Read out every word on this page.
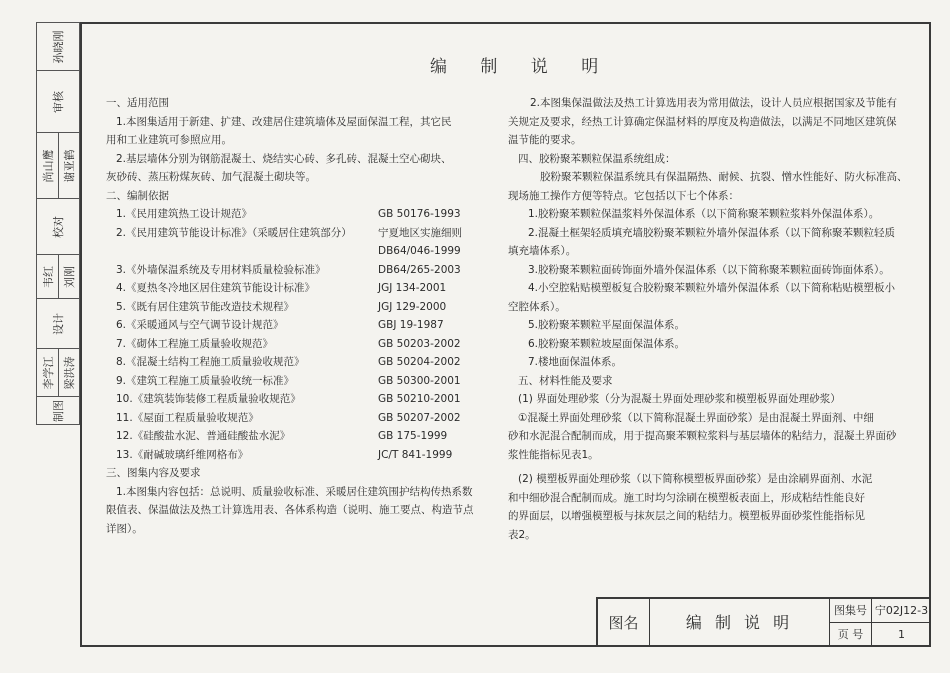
孙晓刚
审核
尚山鹰 谢亚鹤
校对
韦红 刘刚
设计
李学江 梁洪涛
制图
编 制 说 明
一、适用范围
1.本图集适用于新建、扩建、改建居住建筑墙体及屋面保温工程，其它民
用和工业建筑可参照应用。
2.基层墙体分别为钢筋混凝土、烧结实心砖、多孔砖、混凝土空心砌块、
灰砂砖、蒸压粉煤灰砖、加气混凝土砌块等。
二、编制依据
1.《民用建筑热工设计规范》	GB 50176-1993
2.《民用建筑节能设计标准》（采暖居住建筑部分） 宁夏地区实施细则
DB64/046-1999
3.《外墙保温系统及专用材料质量检验标准》	DB64/265-2003
4.《夏热冬冷地区居住建筑节能设计标准》	JGJ 134-2001
5.《既有居住建筑节能改造技术规程》	JGJ 129-2000
6.《采暖通风与空气调节设计规范》	GBJ 19-1987
7.《砌体工程施工质量验收规范》	GB 50203-2002
8.《混凝土结构工程施工质量验收规范》	GB 50204-2002
9.《建筑工程施工质量验收统一标准》	GB 50300-2001
10.《建筑装饰装修工程质量验收规范》	GB 50210-2001
11.《屋面工程质量验收规范》	GB 50207-2002
12.《硅酸盐水泥、普通硅酸盐水泥》	GB 175-1999
13.《耐碱玻璃纤维网格布》	JC/T 841-1999
三、图集内容及要求
1.本图集内容包括：总说明、质量验收标准、采暖居住建筑围护结构传热系数
限值表、保温做法及热工计算选用表、各体系构造（说明、施工要点、构造节点
详图）。
2.本图集保温做法及热工计算选用表为常用做法，设计人员应根据国家及节能有
关规定及要求，经热工计算确定保温材料的厚度及构造做法，以满足不同地区建筑保
温节能的要求。
四、胶粉聚苯颗粒保温系统组成：
胶粉聚苯颗粒保温系统具有保温隔热、耐候、抗裂、憎水性能好、防火标准高、
现场施工操作方便等特点。它包括以下七个体系：
1.胶粉聚苯颗粒保温浆料外保温体系（以下简称聚苯颗粒浆料外保温体系）。
2.混凝土框架轻质填充墙胶粉聚苯颗粒外墙外保温体系（以下简称聚苯颗粒轻质
填充墙体系）。
3.胶粉聚苯颗粒面砖饰面外墙外保温体系（以下简称聚苯颗粒面砖饰面体系）。
4.小空腔粘贴模塑板复合胶粉聚苯颗粒外墙外保温体系（以下简称粘贴模塑板小
空腔体系）。
5.胶粉聚苯颗粒平屋面保温体系。
6.胶粉聚苯颗粒坡屋面保温体系。
7.楼地面保温体系。
五、材料性能及要求
(1) 界面处理砂浆（分为混凝土界面处理砂浆和模塑板界面处理砂浆）
①混凝土界面处理砂浆（以下简称混凝土界面砂浆）是由混凝土界面剂、中细
砂和水泥混合配制而成，用于提高聚苯颗粒浆料与基层墙体的粘结力，混凝土界面砂
浆性能指标见表1。
(2) 模塑板界面处理砂浆（以下简称模塑板界面砂浆）是由涂刷界面剂、水泥
和中细砂混合配制而成。施工时均匀涂刷在模塑板表面上，形成粘结性能良好
的界面层，以增强模塑板与抹灰层之间的粘结力。模塑板界面砂浆性能指标见
表2。
图名	编 制 说 明
图集号 宁02J12-3
页 号	1
